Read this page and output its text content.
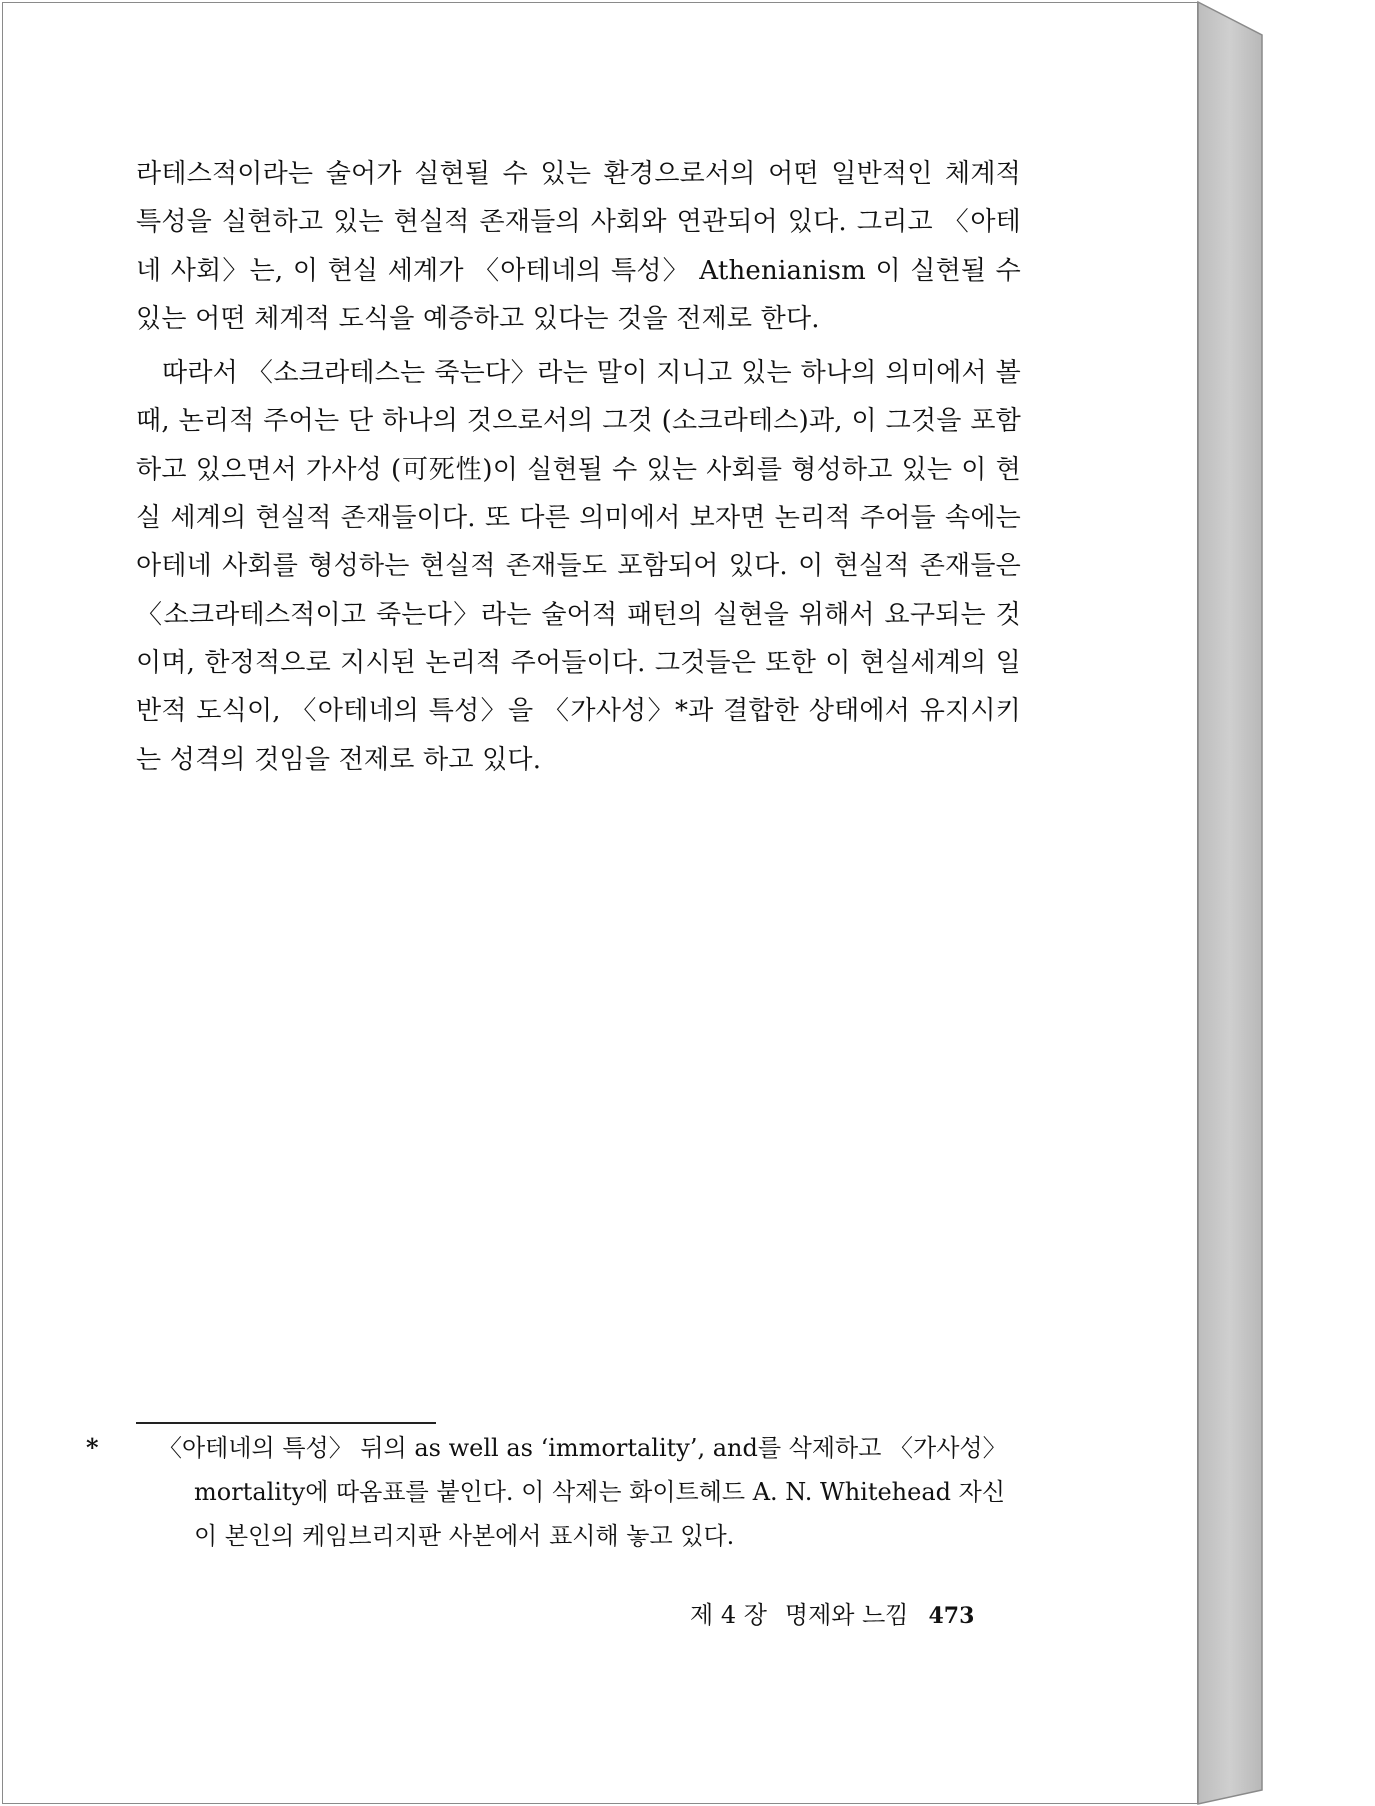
라테스적이라는 술어가 실현될 수 있는 환경으로서의 어떤 일반적인 체계적 특성을 실현하고 있는 현실적 존재들의 사회와 연관되어 있다. 그리고 〈아테네 사회〉는, 이 현실 세계가 〈아테네의 특성〉 Athenianism 이 실현될 수 있는 어떤 체계적 도식을 예증하고 있다는 것을 전제로 한다.

따라서 〈소크라테스는 죽는다〉라는 말이 지니고 있는 하나의 의미에서 볼 때, 논리적 주어는 단 하나의 것으로서의 그것 (소크라테스)과, 이 그것을 포함하고 있으면서 가사성 (可死性)이 실현될 수 있는 사회를 형성하고 있는 이 현실 세계의 현실적 존재들이다. 또 다른 의미에서 보자면 논리적 주어들 속에는 아테네 사회를 형성하는 현실적 존재들도 포함되어 있다. 이 현실적 존재들은 〈소크라테스적이고 죽는다〉라는 술어적 패턴의 실현을 위해서 요구되는 것이며, 한정적으로 지시된 논리적 주어들이다. 그것들은 또한 이 현실세계의 일반적 도식이, 〈아테네의 특성〉을 〈가사성〉*과 결합한 상태에서 유지시키는 성격의 것임을 전제로 하고 있다.

* 〈아테네의 특성〉 뒤의 as well as ‘immortality’, and를 삭제하고 〈가사성〉 mortality에 따옴표를 붙인다. 이 삭제는 화이트헤드 A. N. Whitehead 자신이 본인의 케임브리지판 사본에서 표시해 놓고 있다.
제 4 장 명제와 느낌 473
